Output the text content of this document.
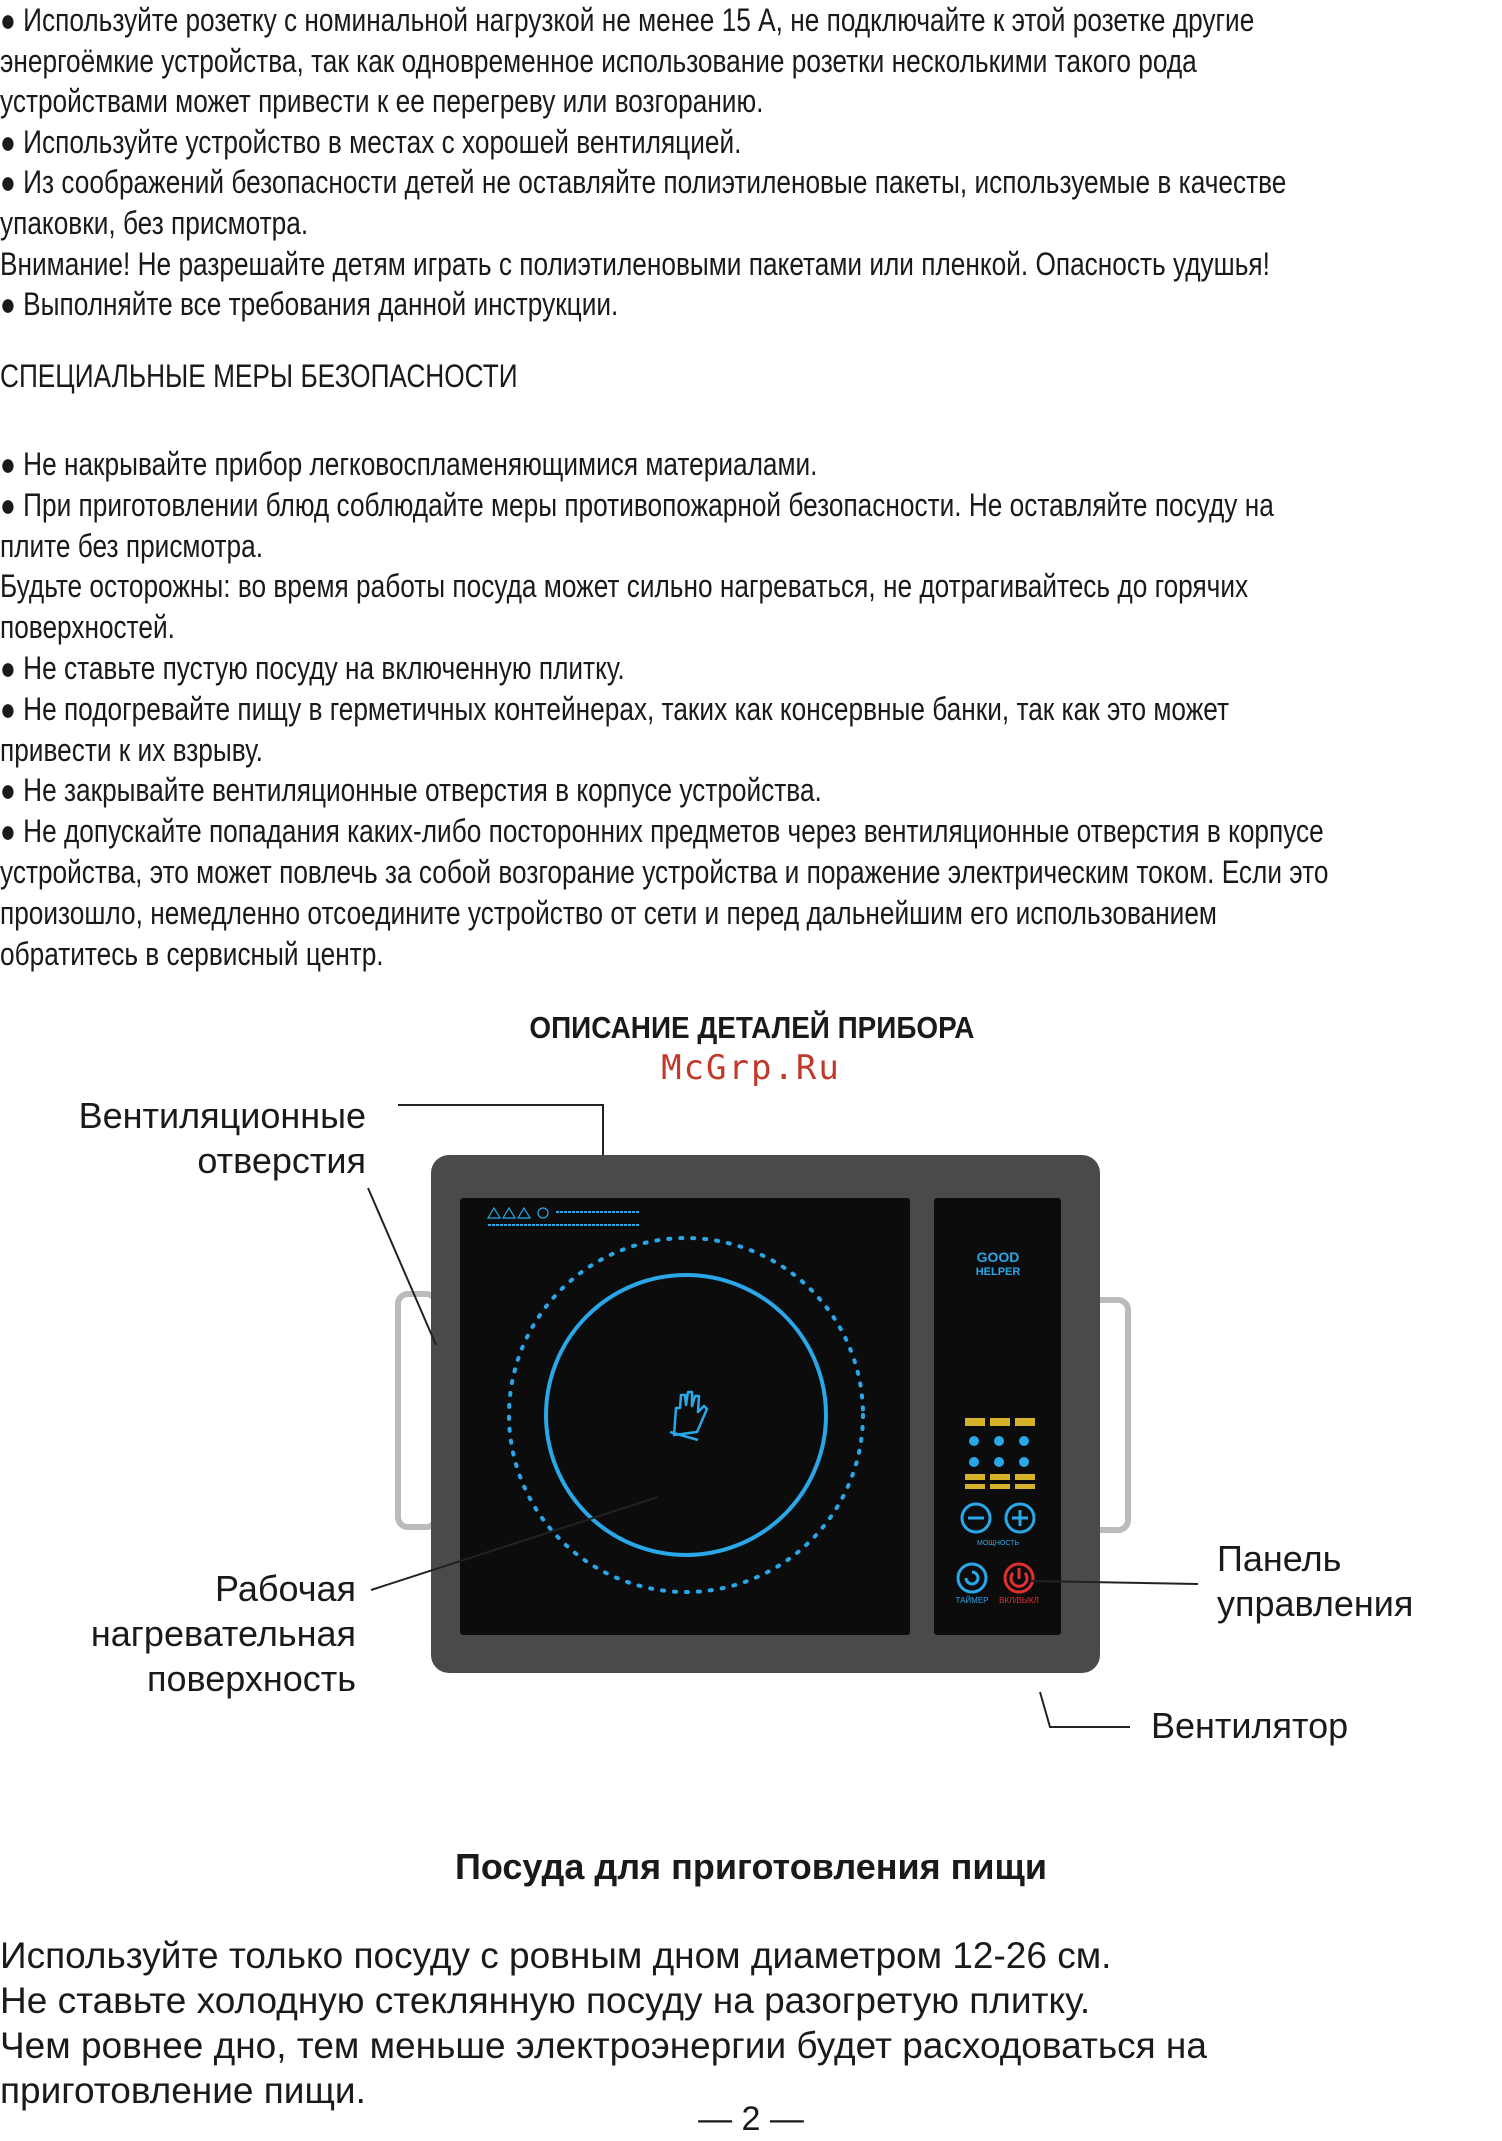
● Используйте розетку с номинальной нагрузкой не менее 15 А, не подключайте к этой розетке другие

энергоёмкие устройства, так как одновременное использование розетки несколькими такого рода

устройствами может привести к ее перегреву или возгоранию.

● Используйте устройство в местах с хорошей вентиляцией.

● Из соображений безопасности детей не оставляйте полиэтиленовые пакеты, используемые в качестве

упаковки, без присмотра.

Внимание! Не разрешайте детям играть с полиэтиленовыми пакетами или пленкой. Опасность удушья!

● Выполняйте все требования данной инструкции.

СПЕЦИАЛЬНЫЕ МЕРЫ БЕЗОПАСНОСТИ

● Не накрывайте прибор легковоспламеняющимися материалами.

● При приготовлении блюд соблюдайте меры противопожарной безопасности. Не оставляйте посуду на

плите без присмотра.

Будьте осторожны: во время работы посуда может сильно нагреваться, не дотрагивайтесь до горячих

поверхностей.

● Не ставьте пустую посуду на включенную плитку.

● Не подогревайте пищу в герметичных контейнерах, таких как консервные банки, так как это может

привести к их взрыву.

● Не закрывайте вентиляционные отверстия в корпусе устройства.

● Не допускайте попадания каких-либо посторонних предметов через вентиляционные отверстия в корпусе

устройства, это может повлечь за собой возгорание устройства и поражение электрическим током. Если это

произошло, немедленно отсоедините устройство от сети и перед дальнейшим его использованием

обратитесь в сервисный центр.

ОПИСАНИЕ ДЕТАЛЕЙ ПРИБОРА
McGrp.Ru
GOOD
HELPER
МОЩНОСТЬ
ТАЙМЕР ВКЛ/ВЫКЛ
Вентиляционные
отверстия
Рабочая
нагревательная
поверхность
Панель
управления
Вентилятор
Посуда для приготовления пищи

Используйте только посуду с ровным дном диаметром 12-26 см.

Не ставьте холодную стеклянную посуду на разогретую плитку.

Чем ровнее дно, тем меньше электроэнергии будет расходоваться на

приготовление пищи.

— 2 —
